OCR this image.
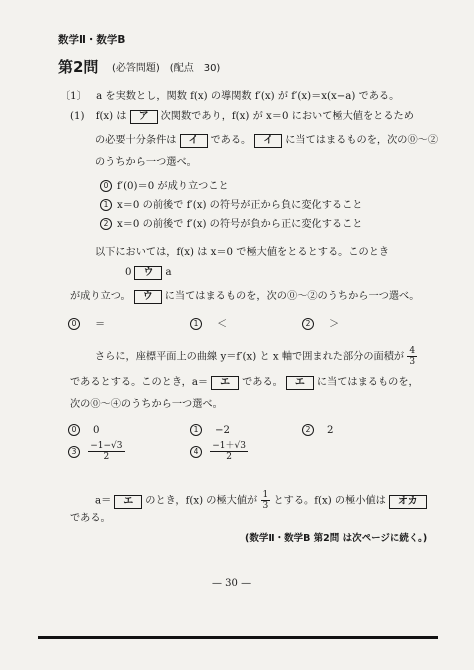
数学Ⅱ・数学B
第2問 (必答問題)　(配点　30)
〔1〕 a を実数とし，関数 f(x) の導関数 f′(x) が f′(x)＝x(x−a) である。
(1) f(x) は ア 次関数であり，f(x) が x＝0 において極大値をとるため
の必要十分条件は イ である。 イ に当てはまるものを，次の⓪～②
のうちから一つ選べ。
0 f′(0)＝0 が成り立つこと
1 x＝0 の前後で f′(x) の符号が正から負に変化すること
2 x＝0 の前後で f′(x) の符号が負から正に変化すること
以下においては，f(x) は x＝0 で極大値をとるとする。このとき
0 ウ a
が成り立つ。 ウ に当てはまるものを，次の⓪～②のうちから一つ選べ。
0 ＝	1 ＜	2 ＞
さらに，座標平面上の曲線 y＝f′(x) と x 軸で囲まれた部分の面積が $\frac{4}{3}$
であるとする。このとき，a＝ エ である。 エ に当てはまるものを，
次の⓪～④のうちから一つ選べ。
0 0	1 −2	2 2
$3 \frac{-1-√3}{2}$	$4 \frac{-1+√3}{2}$
a＝ エ のとき，f(x) の極大値が $\frac{1}{3}$ とする。f(x) の極小値は オカ
である。
(数学Ⅱ・数学B 第2問 は次ページに続く。)
— 30 —
